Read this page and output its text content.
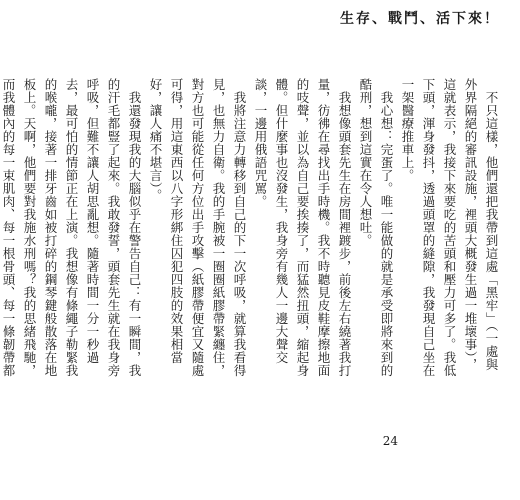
生存、戰鬥、活下來！

不只這樣，他們還把我帶到這處「黑牢」（一處與外界隔絕的審訊設施，裡頭大概發生過一堆壞事），這就表示，我接下來要吃的苦頭和壓力可多了。我低下頭，渾身發抖，透過頭罩的縫隙，我發現自己坐在一架醫療推車上。

我心想：完蛋了。唯一能做的就是承受即將來到的酷刑，想到這實在令人想吐。

我想像頭套先生在房間裡踱步，前後左右繞著我打量，彷彿在尋找出手時機。我不時聽見皮鞋摩擦地面的吱聲，並以為自己要挨揍了，而猛然扭頭，縮起身體。但什麼事也沒發生，我身旁有幾人一邊大聲交談，一邊用俄語咒罵。

我將注意力轉移到自己的下一次呼吸，就算我看得見，也無力自衛。我的手腕被一圈圈紙膠帶緊纏住，對方也可能從任何方位出手攻擊（紙膠帶便宜又隨處可得，用這東西以八字形綁住囚犯四肢的效果相當好，讓人痛不堪言）。

我還發現我的大腦似乎在警告自己：有一瞬間，我的汗毛都豎了起來。我敢發誓，頭套先生就在我身旁呼吸，但難不讓人胡思亂想。隨著時間一分一秒過去，最可怕的情節正在上演。我想像有條繩子勒緊我的喉嚨，接著一排牙齒如被打碎的鋼琴鍵般散落在地板上。天啊，他們要對我施水刑嗎？我的思緒飛馳，而我體內的每一束肌肉、每一根骨頭、每一條韌帶都

24
